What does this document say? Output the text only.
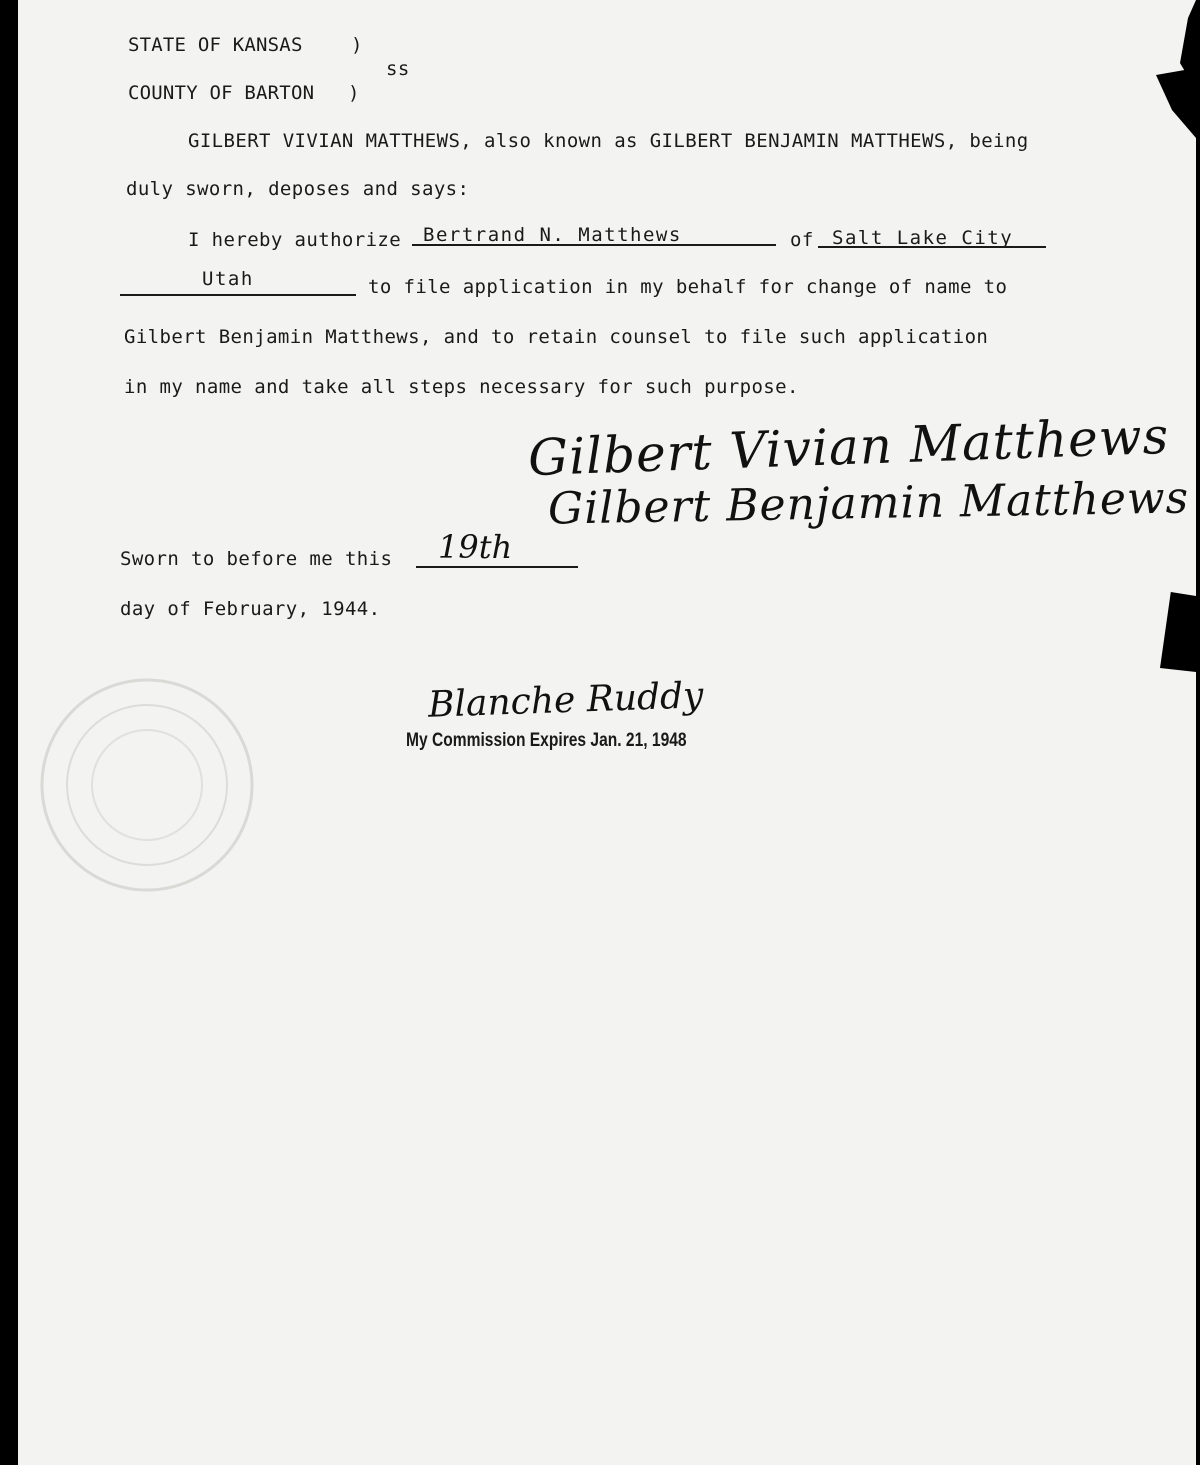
STATE OF KANSAS	)
ss
COUNTY OF BARTON )
GILBERT VIVIAN MATTHEWS, also known as GILBERT BENJAMIN MATTHEWS, being
duly sworn, deposes and says:
I hereby authorize Bertrand N. Matthews	of Salt Lake City
Utah	to file application in my behalf for change of name to
Gilbert Benjamin Matthews, and to retain counsel to file such application
in my name and take all steps necessary for such purpose.
Gilbert Vivian Matthews
Gilbert Benjamin Matthews
Sworn to before me this 19th
day of February, 1944.
Blanche Ruddy
My Commission Expires Jan. 21, 1948
